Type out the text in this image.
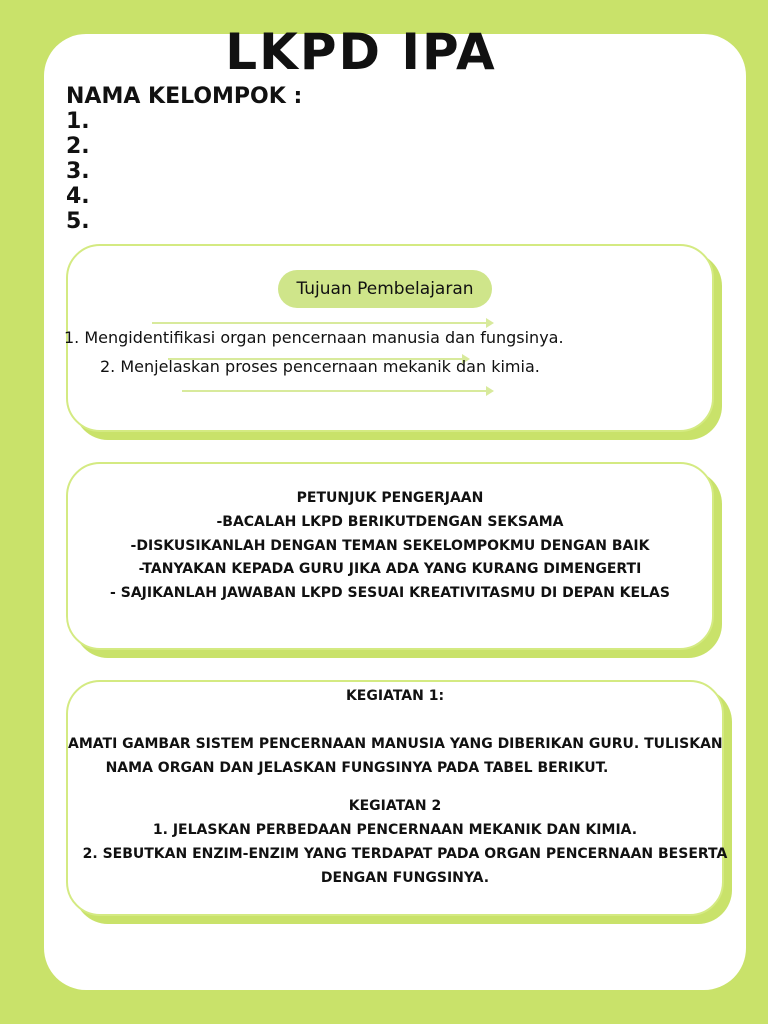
LKPD IPA
NAMA KELOMPOK :
1.
2.
3.
4.
5.
Tujuan Pembelajaran
1. Mengidentifikasi organ pencernaan manusia dan fungsinya.
2. Menjelaskan proses pencernaan mekanik dan kimia.
PETUNJUK PENGERJAAN
-BACALAH LKPD BERIKUTDENGAN SEKSAMA
-DISKUSIKANLAH DENGAN TEMAN SEKELOMPOKMU DENGAN BAIK
-TANYAKAN KEPADA GURU JIKA ADA YANG KURANG DIMENGERTI
- SAJIKANLAH JAWABAN LKPD SESUAI KREATIVITASMU DI DEPAN KELAS
KEGIATAN 1:
AMATI GAMBAR SISTEM PENCERNAAN MANUSIA YANG DIBERIKAN GURU. TULISKAN
NAMA ORGAN DAN JELASKAN FUNGSINYA PADA TABEL BERIKUT.
KEGIATAN 2
1. JELASKAN PERBEDAAN PENCERNAAN MEKANIK DAN KIMIA.
2. SEBUTKAN ENZIM-ENZIM YANG TERDAPAT PADA ORGAN PENCERNAAN BESERTA
DENGAN FUNGSINYA.
